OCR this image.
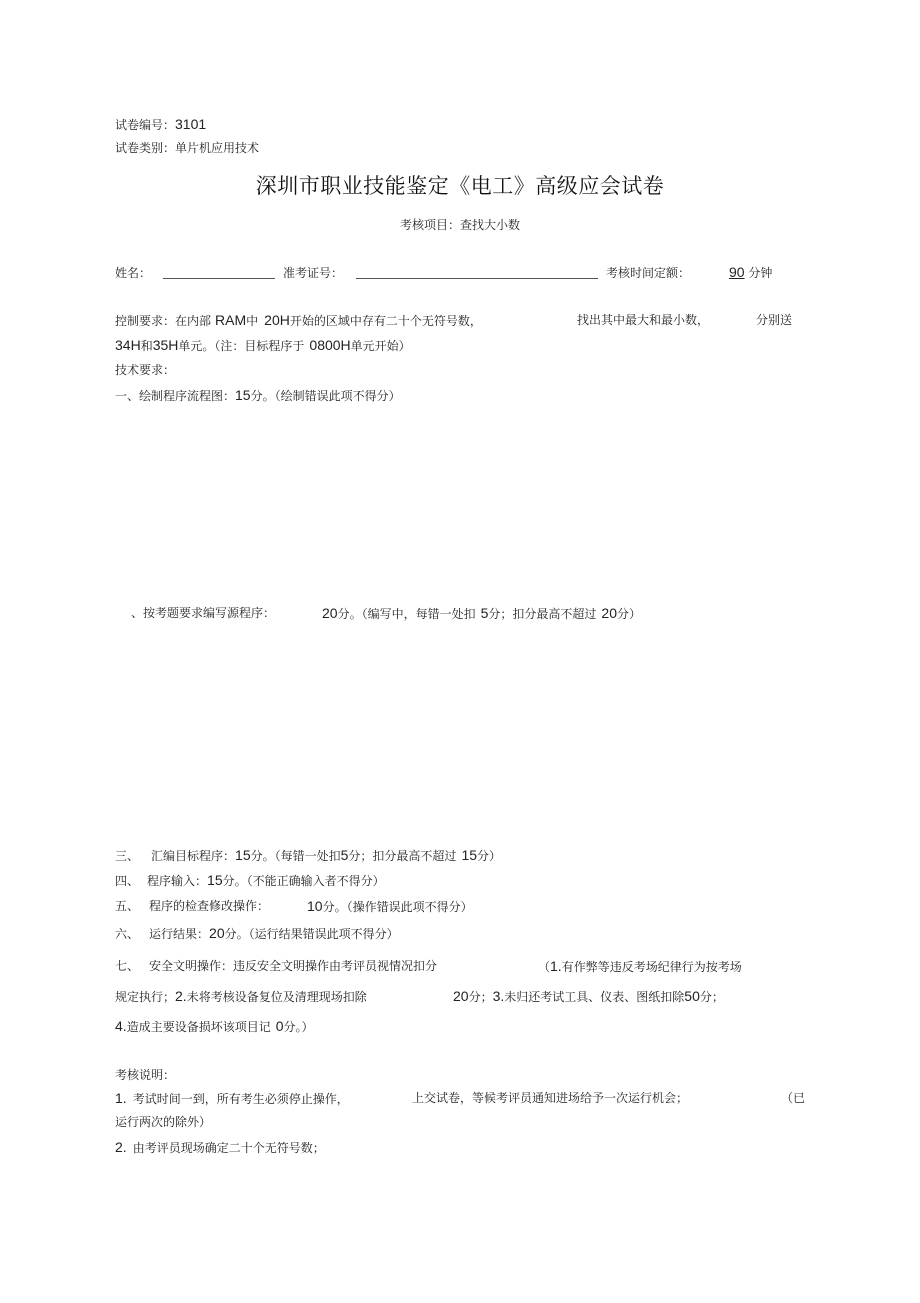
试卷编号：3101
试卷类别：单片机应用技术
深圳市职业技能鉴定《电工》高级应会试卷
考核项目：查找大小数
姓名：	准考证号：	考核时间定额：	90 分钟
控制要求：在内部 RAM中 20H开始的区域中存有二十个无符号数，	找出其中最大和最小数，	分别送
34H和35H单元。（注：目标程序于 0800H单元开始）
技术要求：
一、绘制程序流程图：15分。（绘制错误此项不得分）
、按考题要求编写源程序：	20分。（编写中，每错一处扣 5分；扣分最高不超过 20分）
三、 汇编目标程序：15分。（每错一处扣5分；扣分最高不超过 15分）
四、 程序输入：15分。（不能正确输入者不得分）
五、 程序的检查修改操作：	10分。（操作错误此项不得分）
六、 运行结果：20分。（运行结果错误此项不得分）
七、 安全文明操作：违反安全文明操作由考评员视情况扣分	（1.有作弊等违反考场纪律行为按考场
规定执行；2.未将考核设备复位及清理现场扣除	20分；3.未归还考试工具、仪表、图纸扣除50分；
4.造成主要设备损坏该项目记 0分。）
考核说明：
1. 考试时间一到，所有考生必须停止操作，	上交试卷，等候考评员通知进场给予一次运行机会；	（已
运行两次的除外）
2. 由考评员现场确定二十个无符号数；
